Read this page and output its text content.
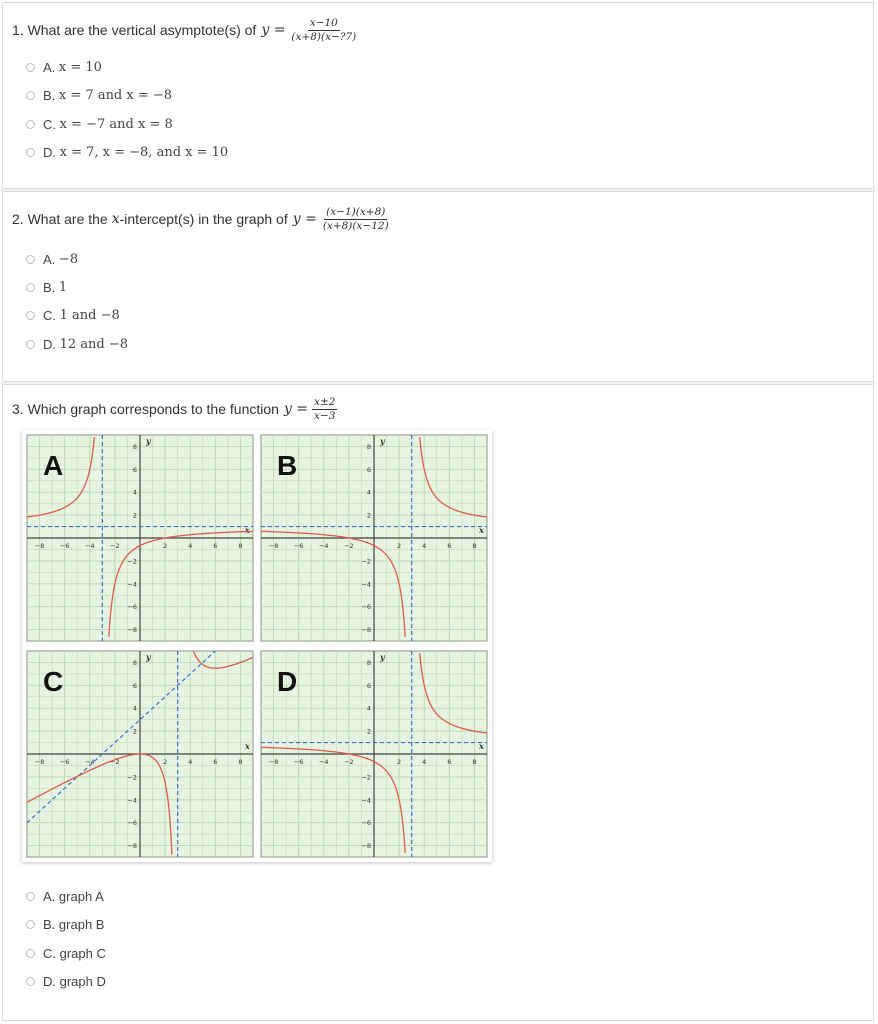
1. What are the vertical asymptote(s) of $y = \frac{x-10}{(x+8)(x-?7)}$
A.
x = 10
B.
x = 7 and x = −8
C.
x = −7 and x = 8
D.
x = 7, x = −8, and x = 10
2. What are the x -intercept(s) in the graph of $y = \frac{(x-1)(x+8)}{(x+8)(x-12)}$
A.
−8
B.
1
C.
1 and −8
D.
12 and −8
3. Which graph corresponds to the function $y = \frac{x\pm 2}{x-3}$
x
y
−8 −6 −4 −2	2	4	6	8
8
6
4
2
−2
−4
−6
−8
A
x
y
−8 −6 −4 −2	2	4	6	8
8
6
4
2
−2
−4
−6
−8
B
x
y
−8 −6 −4 −2	2	4	6	8
8
6
4
2
−2
−4
−6
−8
C
x
y
−8 −6 −4 −2	2	4	6	8
8
6
4
2
−2
−4
−6
−8
D
A.
graph A
B.
graph B
C.
graph C
D.
graph D
